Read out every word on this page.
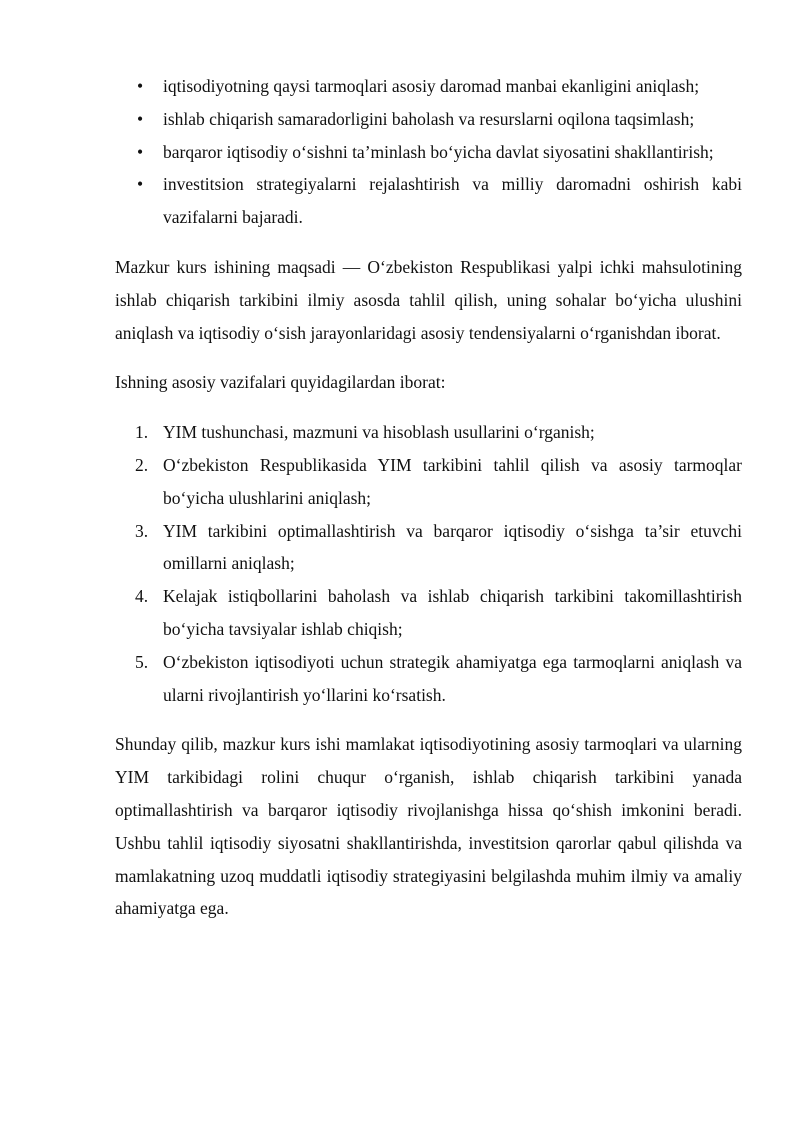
• iqtisodiyotning qaysi tarmoqlari asosiy daromad manbai ekanligini aniqlash;
• ishlab chiqarish samaradorligini baholash va resurslarni oqilona taqsimlash;
• barqaror iqtisodiy o‘sishni ta’minlash bo‘yicha davlat siyosatini shakllantirish;
• investitsion strategiyalarni rejalashtirish va milliy daromadni oshirish kabi vazifalarni bajaradi.

Mazkur kurs ishining maqsadi — O‘zbekiston Respublikasi yalpi ichki mahsulotining ishlab chiqarish tarkibini ilmiy asosda tahlil qilish, uning sohalar bo‘yicha ulushini aniqlash va iqtisodiy o‘sish jarayonlaridagi asosiy tendensiyalarni o‘rganishdan iborat.

Ishning asosiy vazifalari quyidagilardan iborat:

1. YIM tushunchasi, mazmuni va hisoblash usullarini o‘rganish;
2. O‘zbekiston Respublikasida YIM tarkibini tahlil qilish va asosiy tarmoqlar bo‘yicha ulushlarini aniqlash;
3. YIM tarkibini optimallashtirish va barqaror iqtisodiy o‘sishga ta’sir etuvchi omillarni aniqlash;
4. Kelajak istiqbollarini baholash va ishlab chiqarish tarkibini takomillashtirish bo‘yicha tavsiyalar ishlab chiqish;
5. O‘zbekiston iqtisodiyoti uchun strategik ahamiyatga ega tarmoqlarni aniqlash va ularni rivojlantirish yo‘llarini ko‘rsatish.

Shunday qilib, mazkur kurs ishi mamlakat iqtisodiyotining asosiy tarmoqlari va ularning YIM tarkibidagi rolini chuqur o‘rganish, ishlab chiqarish tarkibini yanada optimallashtirish va barqaror iqtisodiy rivojlanishga hissa qo‘shish imkonini beradi. Ushbu tahlil iqtisodiy siyosatni shakllantirishda, investitsion qarorlar qabul qilishda va mamlakatning uzoq muddatli iqtisodiy strategiyasini belgilashda muhim ilmiy va amaliy ahamiyatga ega.
